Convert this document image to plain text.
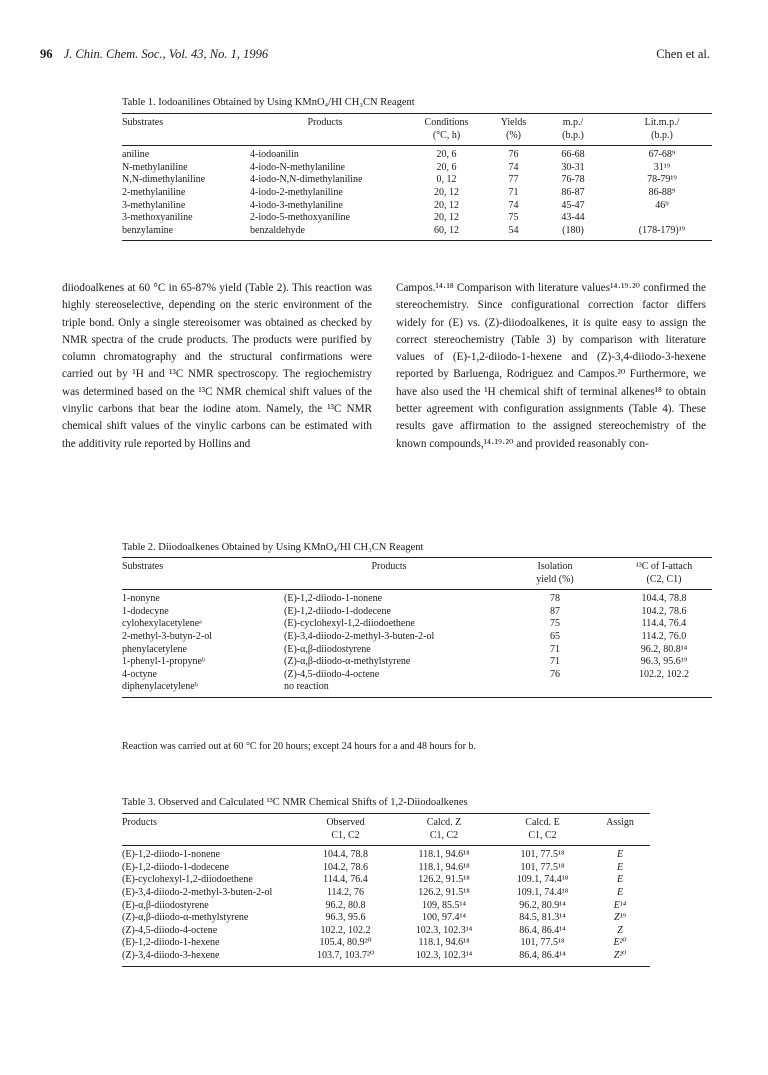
96 J. Chin. Chem. Soc., Vol. 43, No. 1, 1996	Chen et al.
Table 1. Iodoanilines Obtained by Using KMnO₄/HI CH₃CN Reagent
Substrates	Products	Conditions	Yields	m.p./	Lit.m.p./
		(°C, h)	(%)	(b.p.)	(b.p.)
aniline	4-iodoanilin	20, 6	76	66-68	67-68⁹
N-methylaniline	4-iodo-N-methylaniline	20, 6	74	30-31	31¹⁹
N,N-dimethylaniline	4-iodo-N,N-dimethylaniline	0, 12	77	76-78	78-79¹⁹
2-methylaniline	4-iodo-2-methylaniline	20, 12	71	86-87	86-88⁹
3-methylaniline	4-iodo-3-methylaniline	20, 12	74	45-47	46⁹
3-methoxyaniline	2-iodo-5-methoxyaniline	20, 12	75	43-44	
benzylamine	benzaldehyde	60, 12	54	(180)	(178-179)¹⁹

diiodoalkenes at 60 °C in 65-87% yield (Table 2). This reaction was highly stereoselective, depending on the steric environment of the triple bond. Only a single stereoisomer was obtained as checked by NMR spectra of the crude products. The products were purified by column chromatography and the structural confirmations were carried out by ¹H and ¹³C NMR spectroscopy. The regiochemistry was determined based on the ¹³C NMR chemical shift values of the vinylic carbons that bear the iodine atom. Namely, the ¹³C NMR chemical shift values of the vinylic carbons can be estimated with the additivity rule reported by Hollins and

Campos.¹⁴·¹⁸ Comparison with literature values¹⁴·¹⁹·²⁰ confirmed the stereochemistry. Since configurational correction factor differs widely for (E) vs. (Z)-diiodoalkenes, it is quite easy to assign the correct stereochemistry (Table 3) by comparison with literature values of (E)-1,2-diiodo-1-hexene and (Z)-3,4-diiodo-3-hexene reported by Barluenga, Rodriguez and Campos.²⁰ Furthermore, we have also used the ¹H chemical shift of terminal alkenes¹⁸ to obtain better agreement with configuration assignments (Table 4). These results gave affirmation to the assigned stereochemistry of the known compounds,¹⁴·¹⁹·²⁰ and provided reasonably con-

Table 2. Diiodoalkenes Obtained by Using KMnO₄/HI CH₃CN Reagent
Substrates	Products	Isolation	¹³C of I-attach
		yield (%)	(C2, C1)
1-nonyne	(E)-1,2-diiodo-1-nonene	78	104.4, 78.8
1-dodecyne	(E)-1,2-diiodo-1-dodecene	87	104.2, 78.6
cylohexylacetyleneᵃ	(E)-cyclohexyl-1,2-diiodoethene	75	114.4, 76.4
2-methyl-3-butyn-2-ol	(E)-3,4-diiodo-2-methyl-3-buten-2-ol	65	114.2, 76.0
phenylacetylene	(E)-α,β-diiodostyrene	71	96.2, 80.8¹⁴
1-phenyl-1-propyneᵇ	(Z)-α,β-diiodo-α-methylstyrene	71	96.3, 95.6¹⁹
4-octyne	(Z)-4,5-diiodo-4-octene	76	102.2, 102.2
diphenylacetyleneᵇ	no reaction		
Reaction was carried out at 60 °C for 20 hours; except 24 hours for a and 48 hours for b.
Table 3. Observed and Calculated ¹³C NMR Chemical Shifts of 1,2-Diiodoalkenes
Products	Observed	Calcd. Z	Calcd. E	Assign
	C1, C2	C1, C2	C1, C2	
(E)-1,2-diiodo-1-nonene	104.4, 78.8	118.1, 94.6¹⁸	101, 77.5¹⁸	E
(E)-1,2-diiodo-1-dodecene	104.2, 78.6	118.1, 94.6¹⁸	101, 77.5¹⁸	E
(E)-cyclohexyl-1,2-diiodoethene	114.4, 76.4	126.2, 91.5¹⁸	109.1, 74.4¹⁸	E
(E)-3,4-diiodo-2-methyl-3-buten-2-ol	114.2, 76	126.2, 91.5¹⁸	109.1, 74.4¹⁸	E
(E)-α,β-diiodostyrene	96.2, 80.8	109, 85.5¹⁴	96.2, 80.9¹⁴	E¹⁴
(Z)-α,β-diiodo-α-methylstyrene	96.3, 95.6	100, 97.4¹⁴	84.5, 81.3¹⁴	Z¹⁹
(Z)-4,5-diiodo-4-octene	102.2, 102.2	102.3, 102.3¹⁴	86.4, 86.4¹⁴	Z
(E)-1,2-diiodo-1-hexene	105.4, 80.9²⁰	118.1, 94.6¹⁸	101, 77.5¹⁸	E²⁰
(Z)-3,4-diiodo-3-hexene	103.7, 103.7²⁰	102.3, 102.3¹⁴	86.4, 86.4¹⁴	Z²⁰
